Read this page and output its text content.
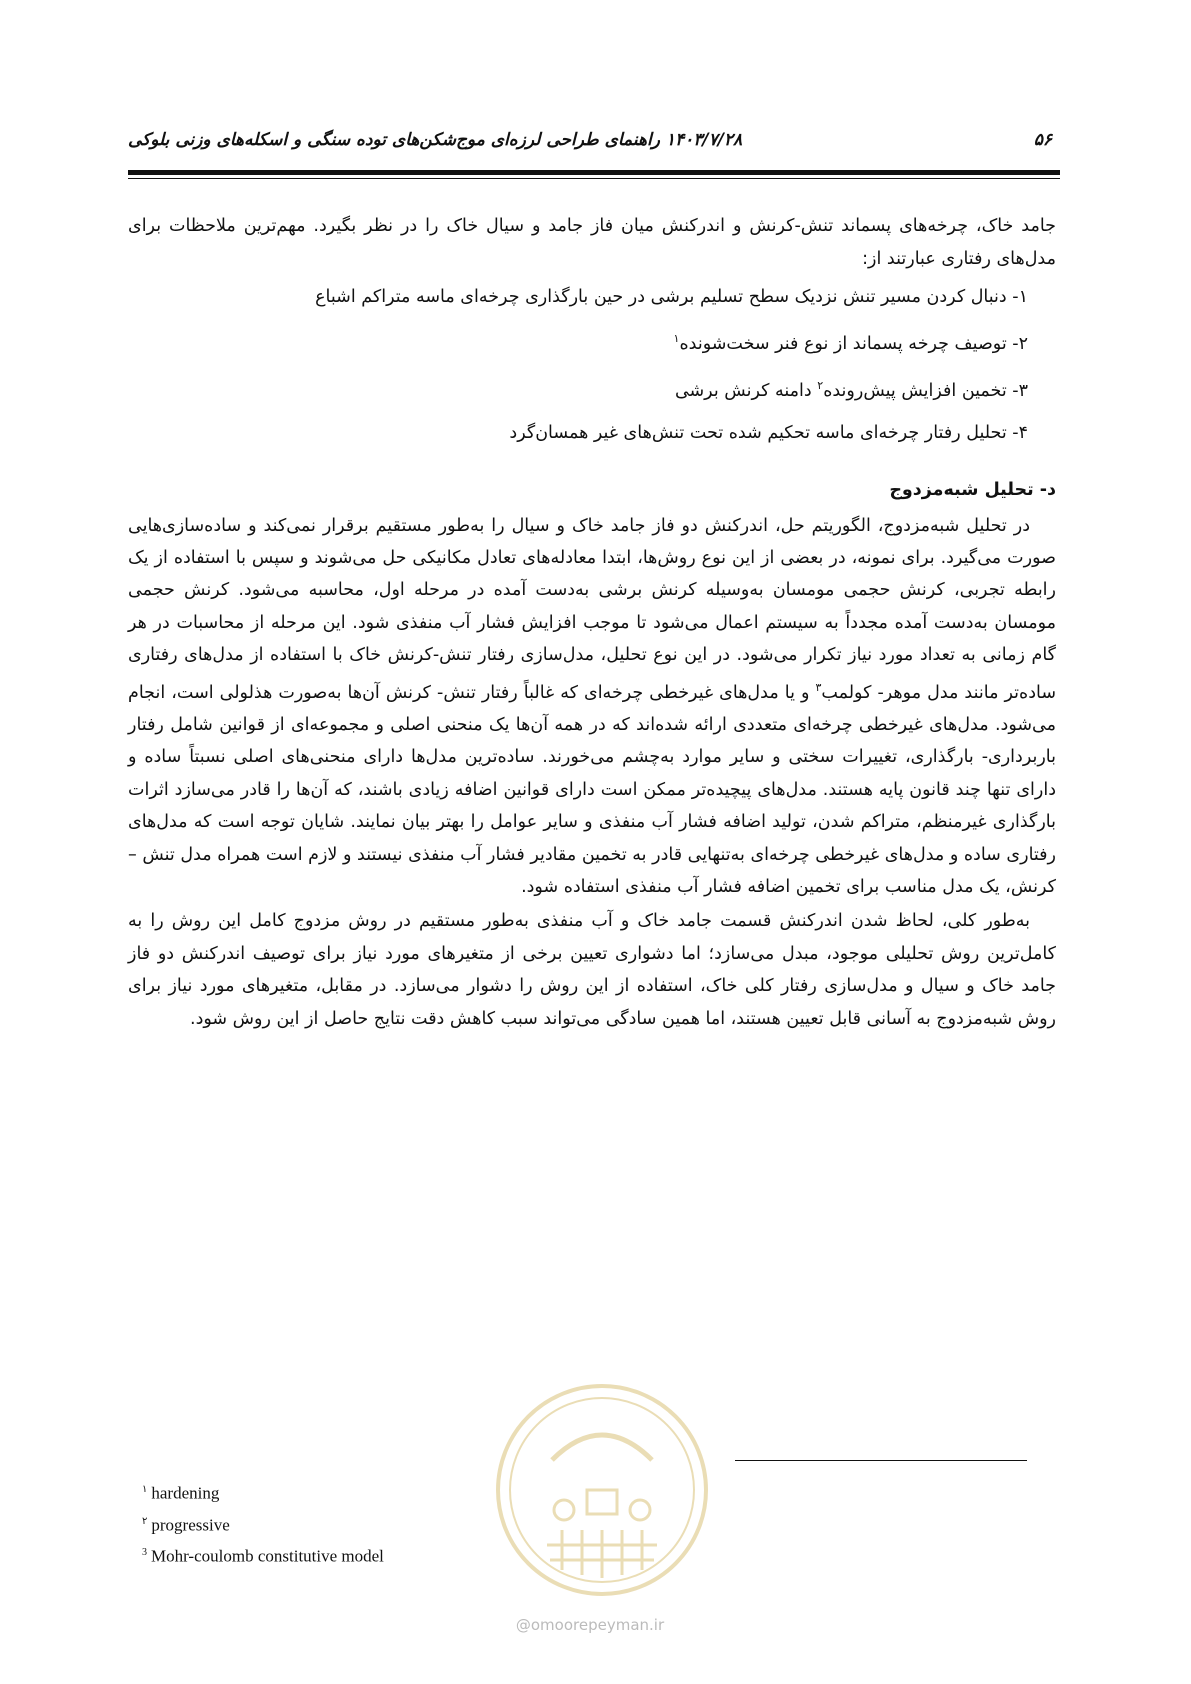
۱۴۰۳/۷/۲۸ راهنمای طراحی لرزه‌ای موج‌شکن‌های توده سنگی و اسکله‌های وزنی بلوکی	۵۶

جامد خاک، چرخه‌های پسماند تنش-کرنش و اندرکنش میان فاز جامد و سیال خاک را در نظر بگیرد. مهم‌ترین ملاحظات برای مدل‌های رفتاری عبارتند از:

۱- دنبال کردن مسیر تنش نزدیک سطح تسلیم برشی در حین بارگذاری چرخه‌ای ماسه متراکم اشباع
۲- توصیف چرخه پسماند از نوع فنر سخت‌شونده$^۱$
۳- تخمین افزایش پیش‌رونده$^۲$ دامنه کرنش برشی
۴- تحلیل رفتار چرخه‌ای ماسه تحکیم شده تحت تنش‌های غیر همسان‌گرد

د- تحلیل شبه‌مزدوج

در تحلیل شبه‌مزدوج، الگوریتم حل، اندرکنش دو فاز جامد خاک و سیال را به‌طور مستقیم برقرار نمی‌کند و ساده‌سازی‌هایی صورت می‌گیرد. برای نمونه، در بعضی از این نوع روش‌ها، ابتدا معادله‌های تعادل مکانیکی حل می‌شوند و سپس با استفاده از یک رابطه تجربی، کرنش حجمی مومسان به‌وسیله کرنش برشی به‌دست آمده در مرحله اول، محاسبه می‌شود. کرنش حجمی مومسان به‌دست آمده مجدداً به سیستم اعمال می‌شود تا موجب افزایش فشار آب منفذی شود. این مرحله از محاسبات در هر گام زمانی به تعداد مورد نیاز تکرار می‌شود. در این نوع تحلیل، مدل‌سازی رفتار تنش-کرنش خاک با استفاده از مدل‌های رفتاری ساده‌تر مانند مدل موهر- کولمب$^۳$ و یا مدل‌های غیرخطی چرخه‌ای که غالباً رفتار تنش- کرنش آن‌ها به‌صورت هذلولی است، انجام می‌شود. مدل‌های غیرخطی چرخه‌ای متعددی ارائه شده‌اند که در همه آن‌ها یک منحنی اصلی و مجموعه‌ای از قوانین شامل رفتار باربرداری- بارگذاری، تغییرات سختی و سایر موارد به‌چشم می‌خورند. ساده‌ترین مدل‌ها دارای منحنی‌های اصلی نسبتاً ساده و دارای تنها چند قانون پایه هستند. مدل‌های پیچیده‌تر ممکن است دارای قوانین اضافه زیادی باشند، که آن‌ها را قادر می‌سازد اثرات بارگذاری غیرمنظم، متراکم شدن، تولید اضافه فشار آب منفذی و سایر عوامل را بهتر بیان نمایند. شایان توجه است که مدل‌های رفتاری ساده و مدل‌های غیرخطی چرخه‌ای به‌تنهایی قادر به تخمین مقادیر فشار آب منفذی نیستند و لازم است همراه مدل تنش – کرنش، یک مدل مناسب برای تخمین اضافه فشار آب منفذی استفاده شود.

به‌طور کلی، لحاظ شدن اندرکنش قسمت جامد خاک و آب منفذی به‌طور مستقیم در روش مزدوج کامل این روش را به کامل‌ترین روش تحلیلی موجود، مبدل می‌سازد؛ اما دشواری تعیین برخی از متغیرهای مورد نیاز برای توصیف اندرکنش دو فاز جامد خاک و سیال و مدل‌سازی رفتار کلی خاک، استفاده از این روش را دشوار می‌سازد. در مقابل، متغیرهای مورد نیاز برای روش شبه‌مزدوج به آسانی قابل تعیین هستند، اما همین سادگی می‌تواند سبب کاهش دقت نتایج حاصل از این روش شود.

$^۱$ hardening
$^۲$ progressive
$^3$ Mohr-coulomb constitutive model
@omoorepeyman.ir
